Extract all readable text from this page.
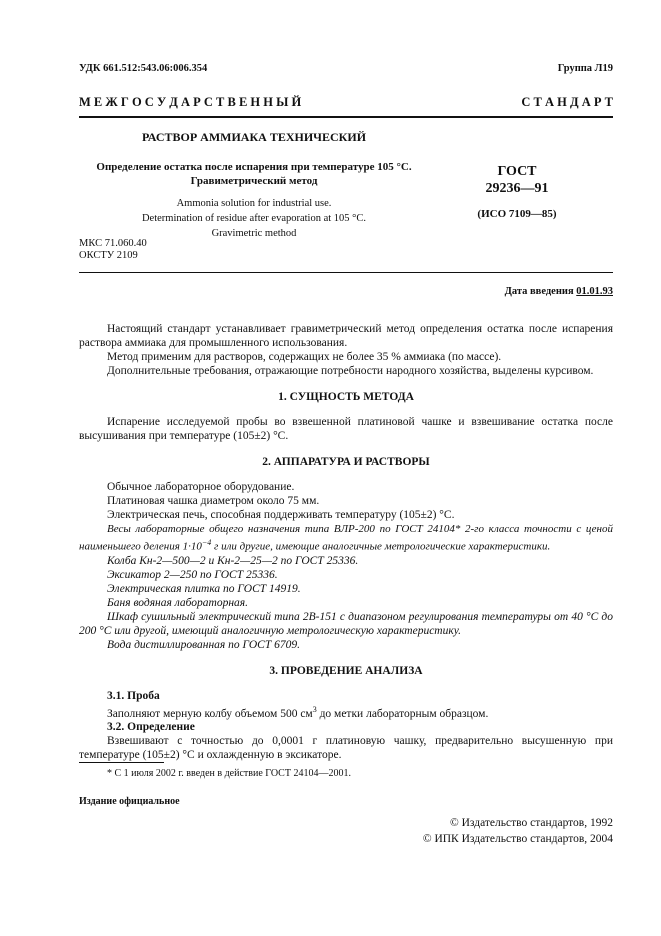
УДК 661.512:543.06:006.354	Группа Л19
М Е Ж Г О С У Д А Р С Т В Е Н Н Ы Й	С Т А Н Д А Р Т
РАСТВОР АММИАКА ТЕХНИЧЕСКИЙ
Определение остатка после испарения при температуре 105 °С.
Гравиметрический метод
ГОСТ
29236—91
Ammonia solution for industrial use.
Determination of residue after evaporation at 105 °C.
Gravimetric method
(ИСО 7109—85)
МКС 71.060.40
ОКСТУ 2109
Дата введения 01.01.93

Настоящий стандарт устанавливает гравиметрический метод определения остатка после испарения раствора аммиака для промышленного использования.

Метод применим для растворов, содержащих не более 35 % аммиака (по массе).

Дополнительные требования, отражающие потребности народного хозяйства, выделены курсивом.

1. СУЩНОСТЬ МЕТОДА

Испарение исследуемой пробы во взвешенной платиновой чашке и взвешивание остатка после высушивания при температуре (105±2) °С.

2. АППАРАТУРА И РАСТВОРЫ

Обычное лабораторное оборудование.

Платиновая чашка диаметром около 75 мм.

Электрическая печь, способная поддерживать температуру (105±2) °С.

Весы лабораторные общего назначения типа ВЛР-200 по ГОСТ 24104* 2-го класса точности с ценой наименьшего деления $1\cdot 10^{-4}$ г или другие, имеющие аналогичные метрологические характеристики.

Колба Кн-2—500—2 и Кн-2—25—2 по ГОСТ 25336.

Эксикатор 2—250 по ГОСТ 25336.

Электрическая плитка по ГОСТ 14919.

Баня водяная лабораторная.

Шкаф сушильный электрический типа 2В-151 с диапазоном регулирования температуры от 40 °С до 200 °С или другой, имеющий аналогичную метрологическую характеристику.

Вода дистиллированная по ГОСТ 6709.

3. ПРОВЕДЕНИЕ АНАЛИЗА

3.1. Проба

Заполняют мерную колбу объемом 500 $см^3$ до метки лабораторным образцом.

3.2. Определение

Взвешивают с точностью до 0,0001 г платиновую чашку, предварительно высушенную при температуре (105±2) °С и охлажденную в эксикаторе.

* С 1 июля 2002 г. введен в действие ГОСТ 24104—2001.
Издание официальное
© Издательство стандартов, 1992
© ИПК Издательство стандартов, 2004
